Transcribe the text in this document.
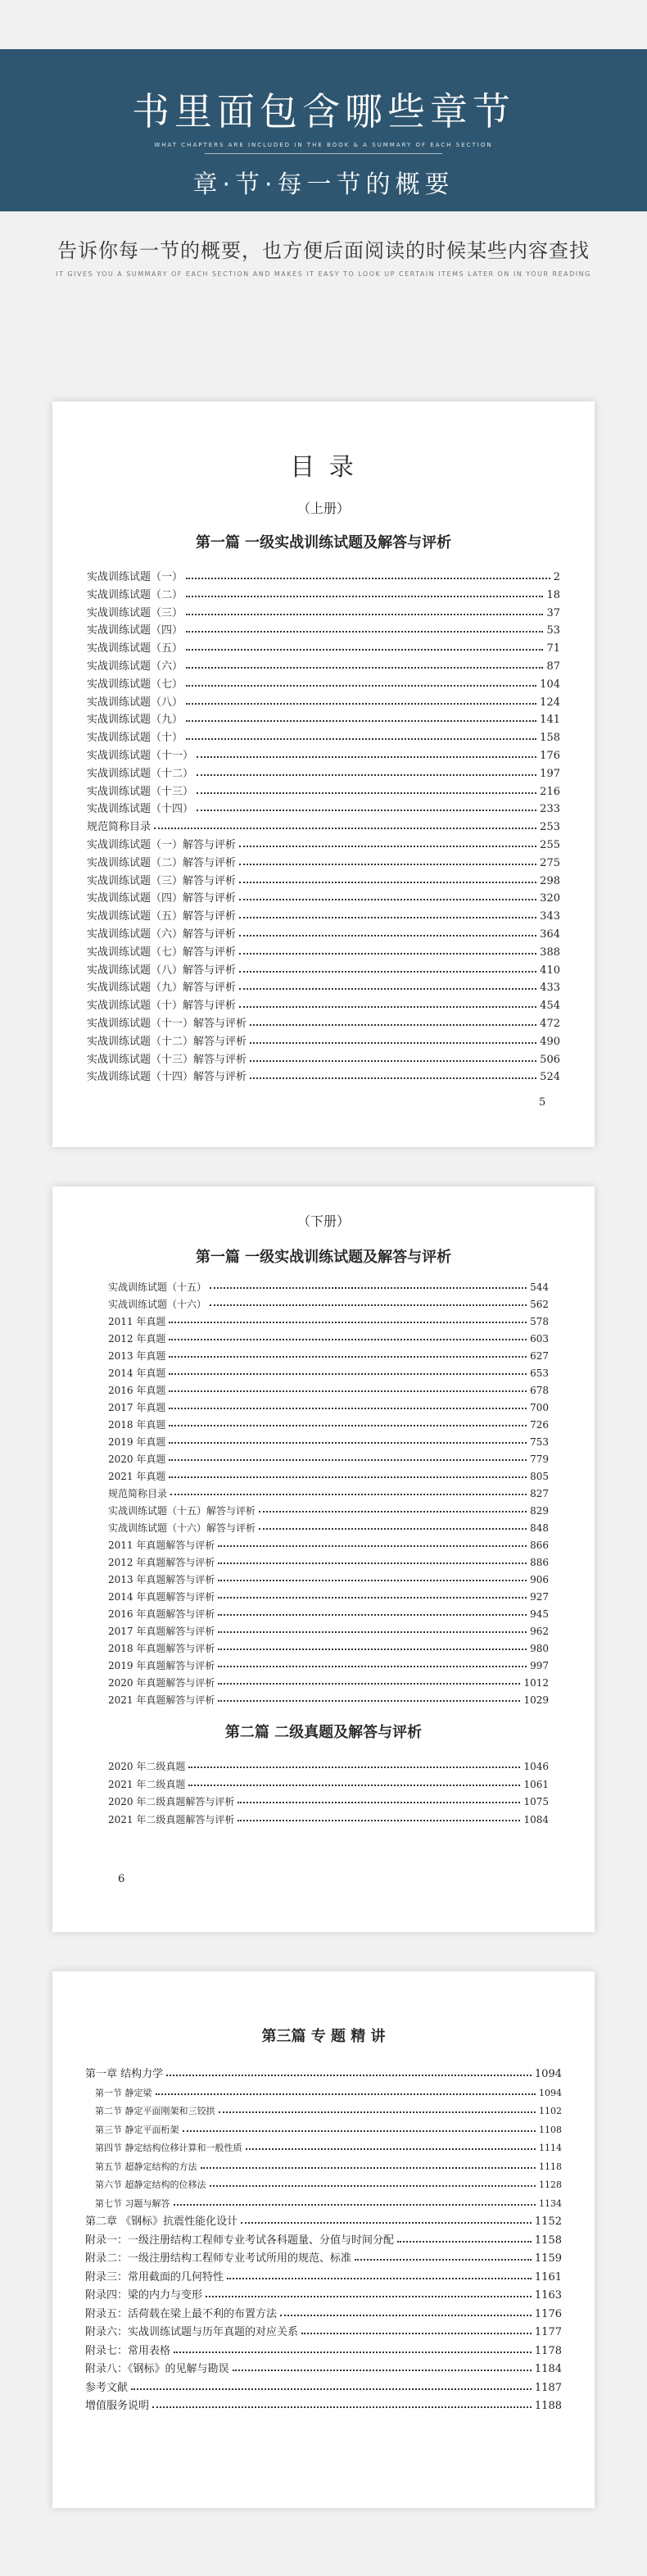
书里面包含哪些章节
WHAT CHAPTERS ARE INCLUDED IN THE BOOK & A SUMMARY OF EACH SECTION
章·节·每一节的概要
告诉你每一节的概要，也方便后面阅读的时候某些内容查找
IT GIVES YOU A SUMMARY OF EACH SECTION AND MAKES IT EASY TO LOOK UP CERTAIN ITEMS LATER ON IN YOUR READING
目 录
（上册）
第一篇 一级实战训练试题及解答与评析
实战训练试题（一）	2
实战训练试题（二）	18
实战训练试题（三）	37
实战训练试题（四）	53
实战训练试题（五）	71
实战训练试题（六）	87
实战训练试题（七）	104
实战训练试题（八）	124
实战训练试题（九）	141
实战训练试题（十）	158
实战训练试题（十一）	176
实战训练试题（十二）	197
实战训练试题（十三）	216
实战训练试题（十四）	233
规范简称目录	253
实战训练试题（一）解答与评析	255
实战训练试题（二）解答与评析	275
实战训练试题（三）解答与评析	298
实战训练试题（四）解答与评析	320
实战训练试题（五）解答与评析	343
实战训练试题（六）解答与评析	364
实战训练试题（七）解答与评析	388
实战训练试题（八）解答与评析	410
实战训练试题（九）解答与评析	433
实战训练试题（十）解答与评析	454
实战训练试题（十一）解答与评析	472
实战训练试题（十二）解答与评析	490
实战训练试题（十三）解答与评析	506
实战训练试题（十四）解答与评析	524
5
（下册）
第一篇 一级实战训练试题及解答与评析
实战训练试题（十五）	544
实战训练试题（十六）	562
2011 年真题	578
2012 年真题	603
2013 年真题	627
2014 年真题	653
2016 年真题	678
2017 年真题	700
2018 年真题	726
2019 年真题	753
2020 年真题	779
2021 年真题	805
规范简称目录	827
实战训练试题（十五）解答与评析	829
实战训练试题（十六）解答与评析	848
2011 年真题解答与评析	866
2012 年真题解答与评析	886
2013 年真题解答与评析	906
2014 年真题解答与评析	927
2016 年真题解答与评析	945
2017 年真题解答与评析	962
2018 年真题解答与评析	980
2019 年真题解答与评析	997
2020 年真题解答与评析	1012
2021 年真题解答与评析	1029
第二篇 二级真题及解答与评析
2020 年二级真题	1046
2021 年二级真题	1061
2020 年二级真题解答与评析	1075
2021 年二级真题解答与评析	1084
6
第三篇 专 题 精 讲
第一章 结构力学	1094
第一节 静定梁	1094
第二节 静定平面刚架和三铰拱	1102
第三节 静定平面桁架	1108
第四节 静定结构位移计算和一般性质	1114
第五节 超静定结构的方法	1118
第六节 超静定结构的位移法	1128
第七节 习题与解答	1134
第二章 《钢标》抗震性能化设计	1152
附录一：一级注册结构工程师专业考试各科题量、分值与时间分配	1158
附录二：一级注册结构工程师专业考试所用的规范、标准	1159
附录三：常用截面的几何特性	1161
附录四：梁的内力与变形	1163
附录五：活荷载在梁上最不利的布置方法	1176
附录六：实战训练试题与历年真题的对应关系	1177
附录七：常用表格	1178
附录八：《钢标》的见解与勘误	1184
参考文献	1187
增值服务说明	1188
